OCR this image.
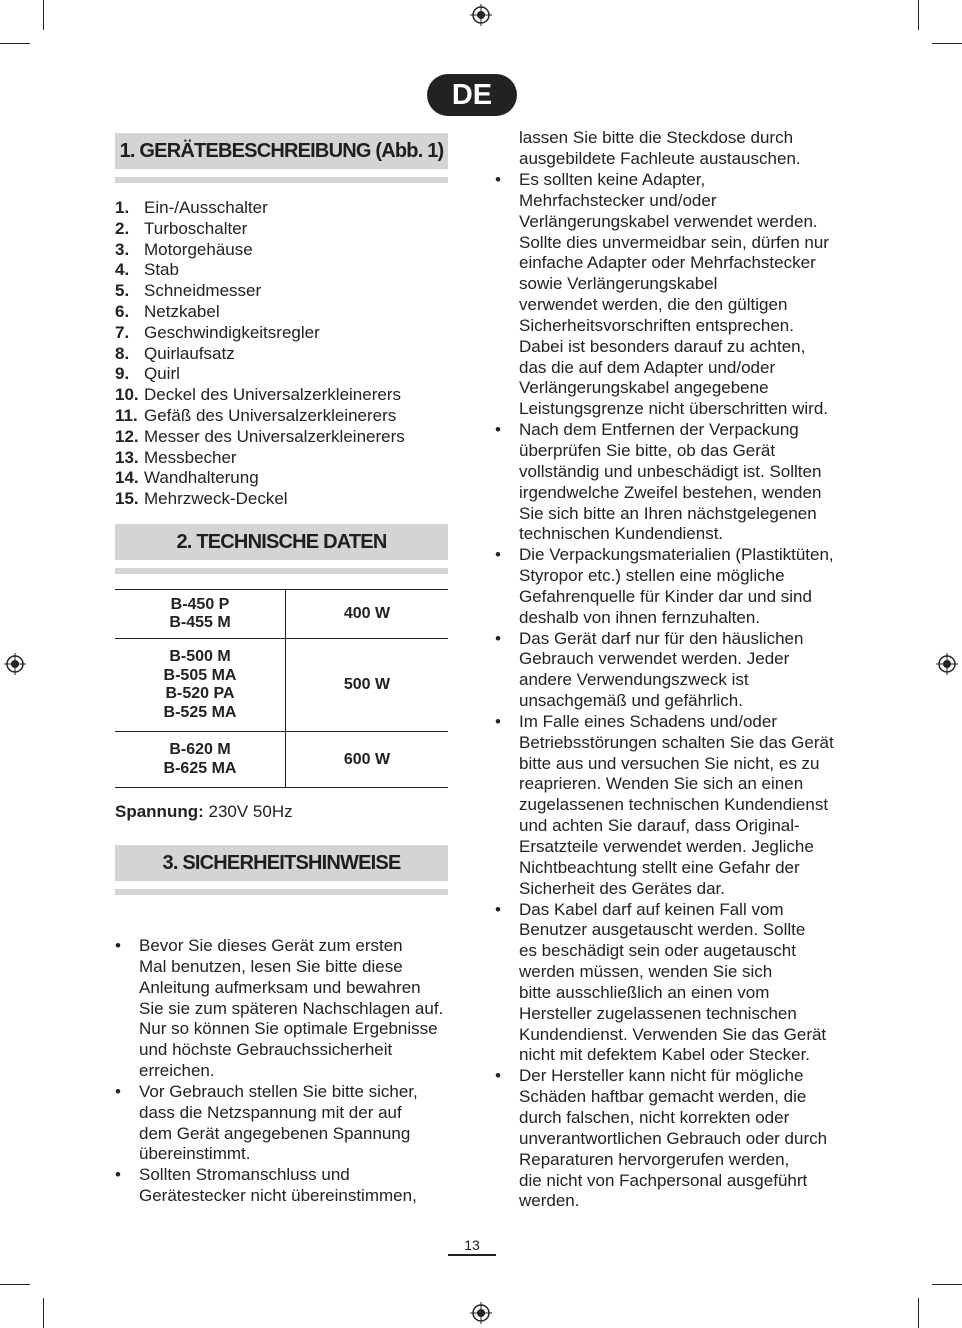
DE
1. GERÄTEBESCHREIBUNG (Abb. 1)
1. Ein-/Ausschalter
2. Turboschalter
3. Motorgehäuse
4. Stab
5. Schneidmesser
6. Netzkabel
7. Geschwindigkeitsregler
8. Quirlaufsatz
9. Quirl
10. Deckel des Universalzerkleinerers
11. Gefäß des Universalzerkleinerers
12. Messer des Universalzerkleinerers
13. Messbecher
14. Wandhalterung
15. Mehrzweck-Deckel
2. TECHNISCHE DATEN
B-450 P
B-455 M	400 W
B-500 M
B-505 MA
B-520 PA
B-525 MA	500 W
B-620 M
B-625 MA	600 W
Spannung: 230V 50Hz
3. SICHERHEITSHINWEISE
• Bevor Sie dieses Gerät zum ersten
Mal benutzen, lesen Sie bitte diese
Anleitung aufmerksam und bewahren
Sie sie zum späteren Nachschlagen auf.
Nur so können Sie optimale Ergebnisse
und höchste Gebrauchssicherheit
erreichen.
• Vor Gebrauch stellen Sie bitte sicher,
dass die Netzspannung mit der auf
dem Gerät angegebenen Spannung
übereinstimmt.
• Sollten Stromanschluss und
Gerätestecker nicht übereinstimmen,
lassen Sie bitte die Steckdose durch
ausgebildete Fachleute austauschen.
• Es sollten keine Adapter,
Mehrfachstecker und/oder
Verlängerungskabel verwendet werden.
Sollte dies unvermeidbar sein, dürfen nur
einfache Adapter oder Mehrfachstecker
sowie Verlängerungskabel
verwendet werden, die den gültigen
Sicherheitsvorschriften entsprechen.
Dabei ist besonders darauf zu achten,
das die auf dem Adapter und/oder
Verlängerungskabel angegebene
Leistungsgrenze nicht überschritten wird.
• Nach dem Entfernen der Verpackung
überprüfen Sie bitte, ob das Gerät
vollständig und unbeschädigt ist. Sollten
irgendwelche Zweifel bestehen, wenden
Sie sich bitte an Ihren nächstgelegenen
technischen Kundendienst.
• Die Verpackungsmaterialien (Plastiktüten,
Styropor etc.) stellen eine mögliche
Gefahrenquelle für Kinder dar und sind
deshalb von ihnen fernzuhalten.
• Das Gerät darf nur für den häuslichen
Gebrauch verwendet werden. Jeder
andere Verwendungszweck ist
unsachgemäß und gefährlich.
• Im Falle eines Schadens und/oder
Betriebsstörungen schalten Sie das Gerät
bitte aus und versuchen Sie nicht, es zu
reaprieren. Wenden Sie sich an einen
zugelassenen technischen Kundendienst
und achten Sie darauf, dass Original-
Ersatzteile verwendet werden. Jegliche
Nichtbeachtung stellt eine Gefahr der
Sicherheit des Gerätes dar.
• Das Kabel darf auf keinen Fall vom
Benutzer ausgetauscht werden. Sollte
es beschädigt sein oder augetauscht
werden müssen, wenden Sie sich
bitte ausschließlich an einen vom
Hersteller zugelassenen technischen
Kundendienst. Verwenden Sie das Gerät
nicht mit defektem Kabel oder Stecker.
• Der Hersteller kann nicht für mögliche
Schäden haftbar gemacht werden, die
durch falschen, nicht korrekten oder
unverantwortlichen Gebrauch oder durch
Reparaturen hervorgerufen werden,
die nicht von Fachpersonal ausgeführt
werden.
13
